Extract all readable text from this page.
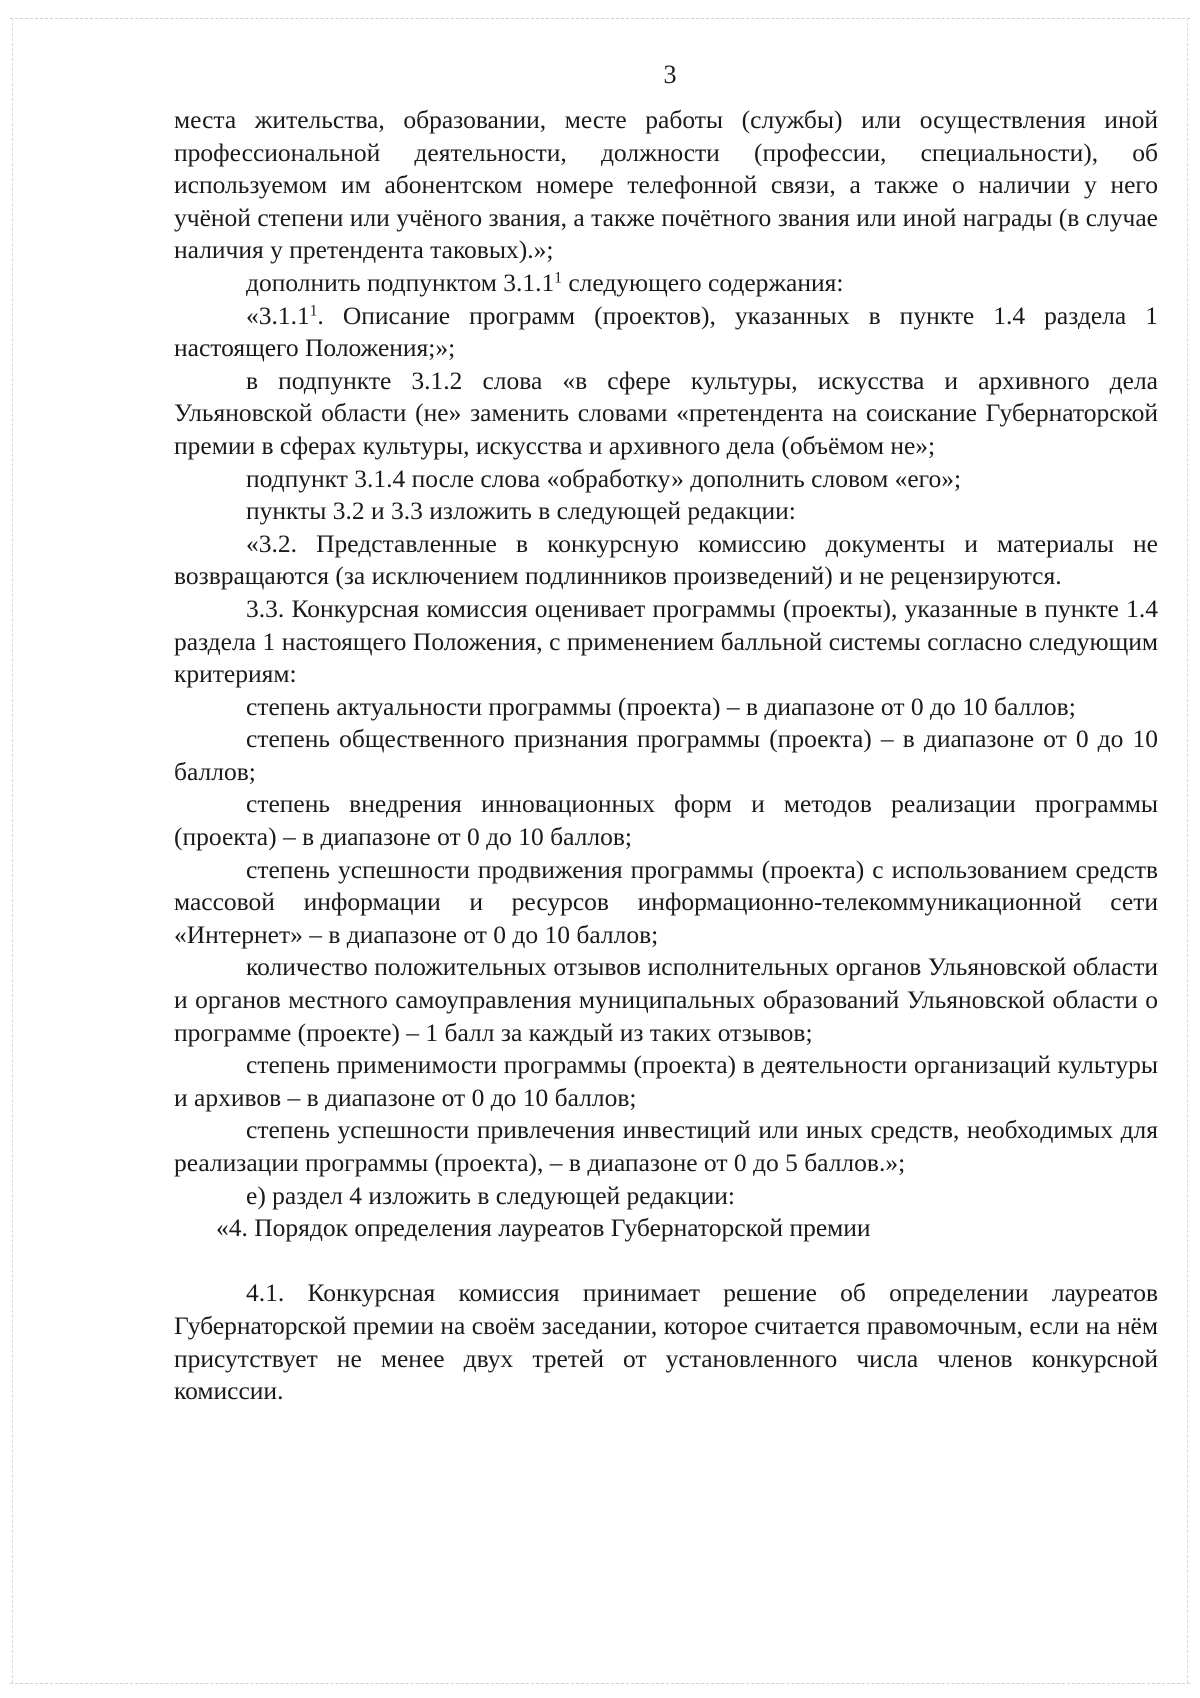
3

места жительства, образовании, месте работы (службы) или осуществления иной профессиональной деятельности, должности (профессии, специальности), об используемом им абонентском номере телефонной связи, а также о наличии у него учёной степени или учёного звания, а также почётного звания или иной награды (в случае наличия у претендента таковых).»;

дополнить подпунктом 3.1.1$^1$ следующего содержания:

«3.1.1$^1$. Описание программ (проектов), указанных в пункте 1.4 раздела 1 настоящего Положения;»;

в подпункте 3.1.2 слова «в сфере культуры, искусства и архивного дела Ульяновской области (не» заменить словами «претендента на соискание Губернаторской премии в сферах культуры, искусства и архивного дела (объёмом не»;

подпункт 3.1.4 после слова «обработку» дополнить словом «его»;

пункты 3.2 и 3.3 изложить в следующей редакции:

«3.2. Представленные в конкурсную комиссию документы и материалы не возвращаются (за исключением подлинников произведений) и не рецензируются.

3.3. Конкурсная комиссия оценивает программы (проекты), указанные в пункте 1.4 раздела 1 настоящего Положения, с применением балльной системы согласно следующим критериям:

степень актуальности программы (проекта) – в диапазоне от 0 до 10 баллов;

степень общественного признания программы (проекта) – в диапазоне от 0 до 10 баллов;

степень внедрения инновационных форм и методов реализации программы (проекта) – в диапазоне от 0 до 10 баллов;

степень успешности продвижения программы (проекта) с использованием средств массовой информации и ресурсов информационно-телекоммуникационной сети «Интернет» – в диапазоне от 0 до 10 баллов;

количество положительных отзывов исполнительных органов Ульяновской области и органов местного самоуправления муниципальных образований Ульяновской области о программе (проекте) – 1 балл за каждый из таких отзывов;

степень применимости программы (проекта) в деятельности организаций культуры и архивов – в диапазоне от 0 до 10 баллов;

степень успешности привлечения инвестиций или иных средств, необходимых для реализации программы (проекта), – в диапазоне от 0 до 5 баллов.»;

е) раздел 4 изложить в следующей редакции:

«4. Порядок определения лауреатов Губернаторской премии

4.1. Конкурсная комиссия принимает решение об определении лауреатов Губернаторской премии на своём заседании, которое считается правомочным, если на нём присутствует не менее двух третей от установленного числа членов конкурсной комиссии.
